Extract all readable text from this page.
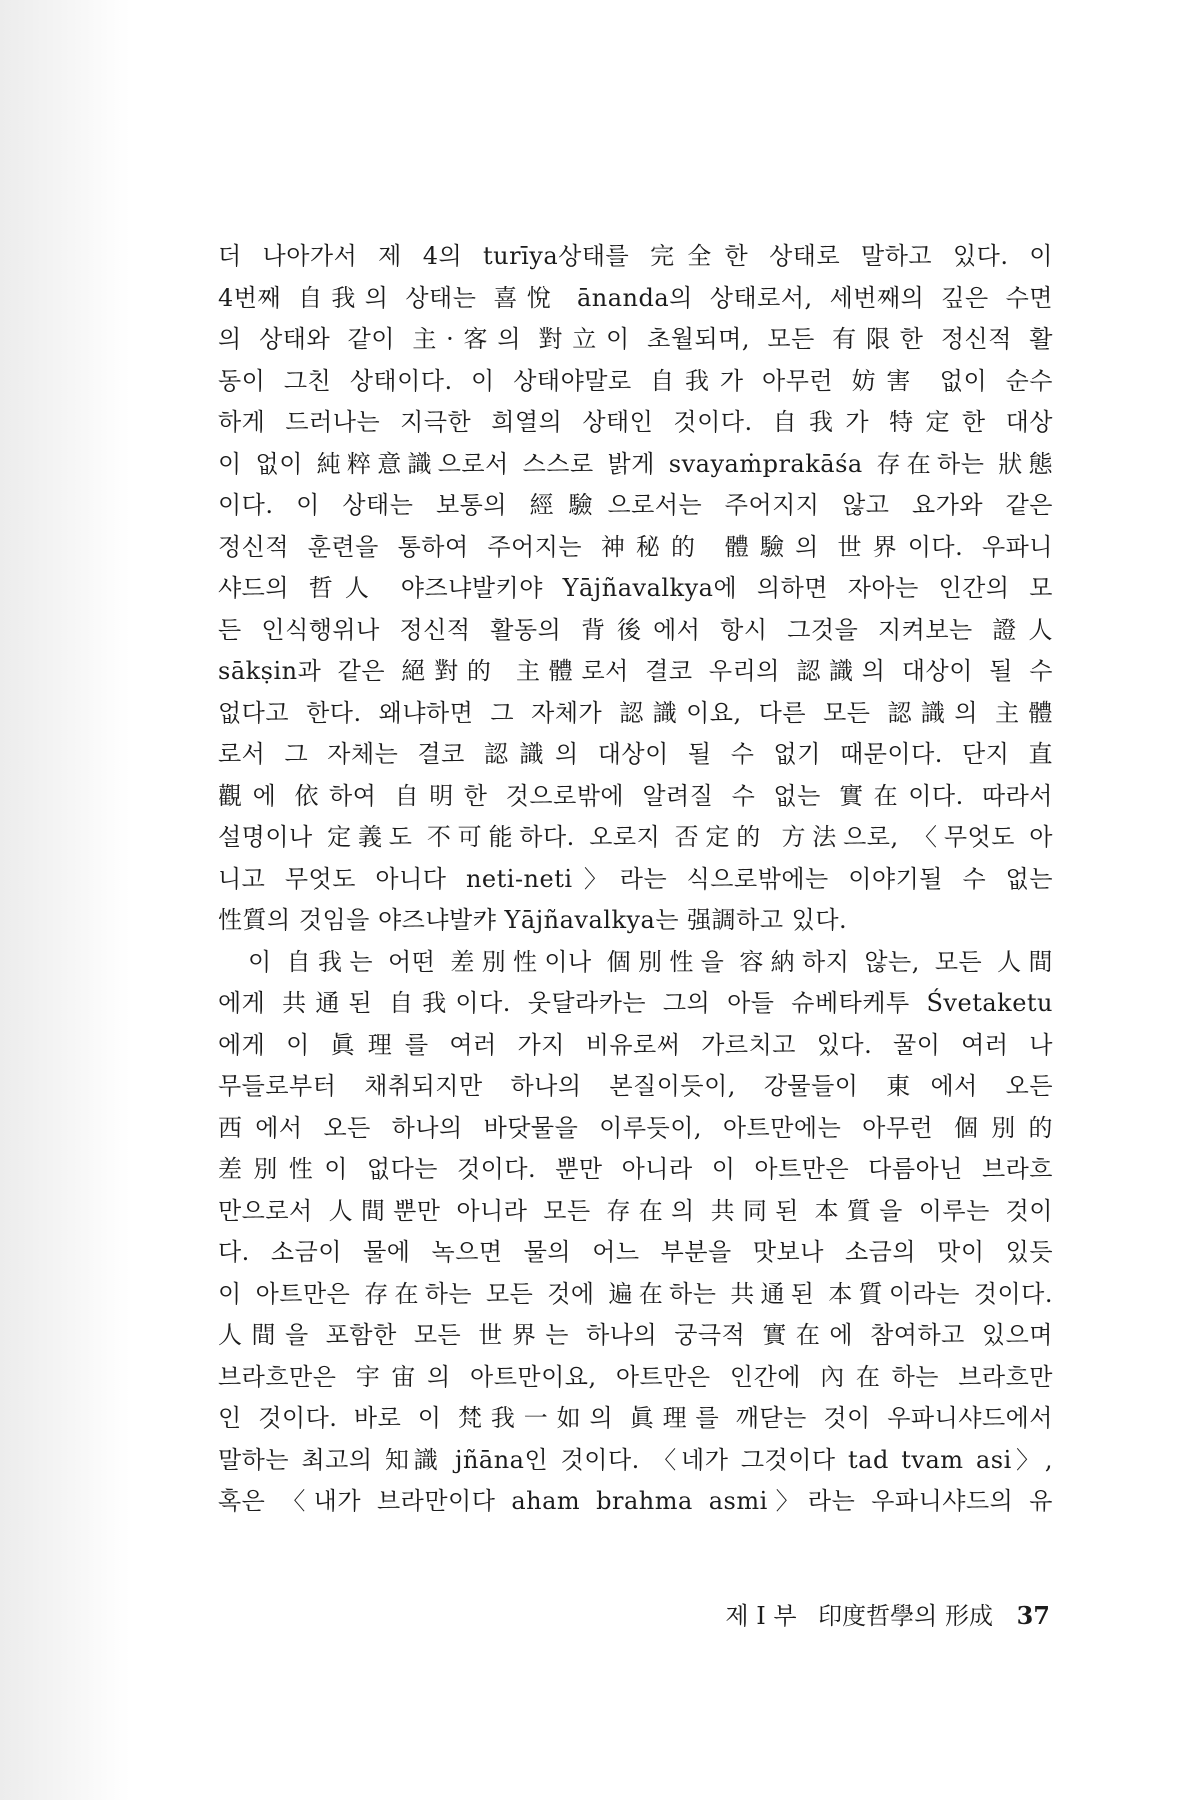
더 나아가서 제 4의 turīya상태를 完全한 상태로 말하고 있다. 이
4번째 自我의 상태는 喜悅 ānanda의 상태로서, 세번째의 깊은 수면
의 상태와 같이 主·客의 對立이 초월되며, 모든 有限한 정신적 활
동이 그친 상태이다. 이 상태야말로 自我가 아무런 妨害 없이 순수
하게 드러나는 지극한 희열의 상태인 것이다. 自我가 特定한 대상
이 없이 純粹意識으로서 스스로 밝게 svayaṁprakāśa 存在하는 狀態
이다. 이 상태는 보통의 經驗으로서는 주어지지 않고 요가와 같은
정신적 훈련을 통하여 주어지는 神秘的 體驗의 世界이다. 우파니
샤드의 哲人 야즈냐발키야 Yājñavalkya에 의하면 자아는 인간의 모
든 인식행위나 정신적 활동의 背後에서 항시 그것을 지켜보는 證人
sākṣin과 같은 絕對的 主體로서 결코 우리의 認識의 대상이 될 수
없다고 한다. 왜냐하면 그 자체가 認識이요, 다른 모든 認識의 主體
로서 그 자체는 결코 認識의 대상이 될 수 없기 때문이다. 단지 直
觀에 依하여 自明한 것으로밖에 알려질 수 없는 實在이다. 따라서
설명이나 定義도 不可能하다. 오로지 否定的 方法으로, 〈무엇도 아
니고 무엇도 아니다 neti-neti〉라는 식으로밖에는 이야기될 수 없는
性質의 것임을 야즈냐발캬 Yājñavalkya는 强調하고 있다.
이 自我는 어떤 差別性이나 個別性을 容納하지 않는, 모든 人間
에게 共通된 自我이다. 웃달라카는 그의 아들 슈베타케투 Śvetaketu
에게 이 眞理를 여러 가지 비유로써 가르치고 있다. 꿀이 여러 나
무들로부터 채취되지만 하나의 본질이듯이, 강물들이 東에서 오든
西에서 오든 하나의 바닷물을 이루듯이, 아트만에는 아무런 個別的
差別性이 없다는 것이다. 뿐만 아니라 이 아트만은 다름아닌 브라흐
만으로서 人間뿐만 아니라 모든 存在의 共同된 本質을 이루는 것이
다. 소금이 물에 녹으면 물의 어느 부분을 맛보나 소금의 맛이 있듯
이 아트만은 存在하는 모든 것에 遍在하는 共通된 本質이라는 것이다.
人間을 포함한 모든 世界는 하나의 궁극적 實在에 참여하고 있으며
브라흐만은 宇宙의 아트만이요, 아트만은 인간에 內在하는 브라흐만
인 것이다. 바로 이 梵我一如의 眞理를 깨닫는 것이 우파니샤드에서
말하는 최고의 知識 jñāna인 것이다. 〈네가 그것이다 tad tvam asi〉,
혹은 〈내가 브라만이다 aham brahma asmi〉라는 우파니샤드의 유
제 I 부 印度哲學의 形成 37
